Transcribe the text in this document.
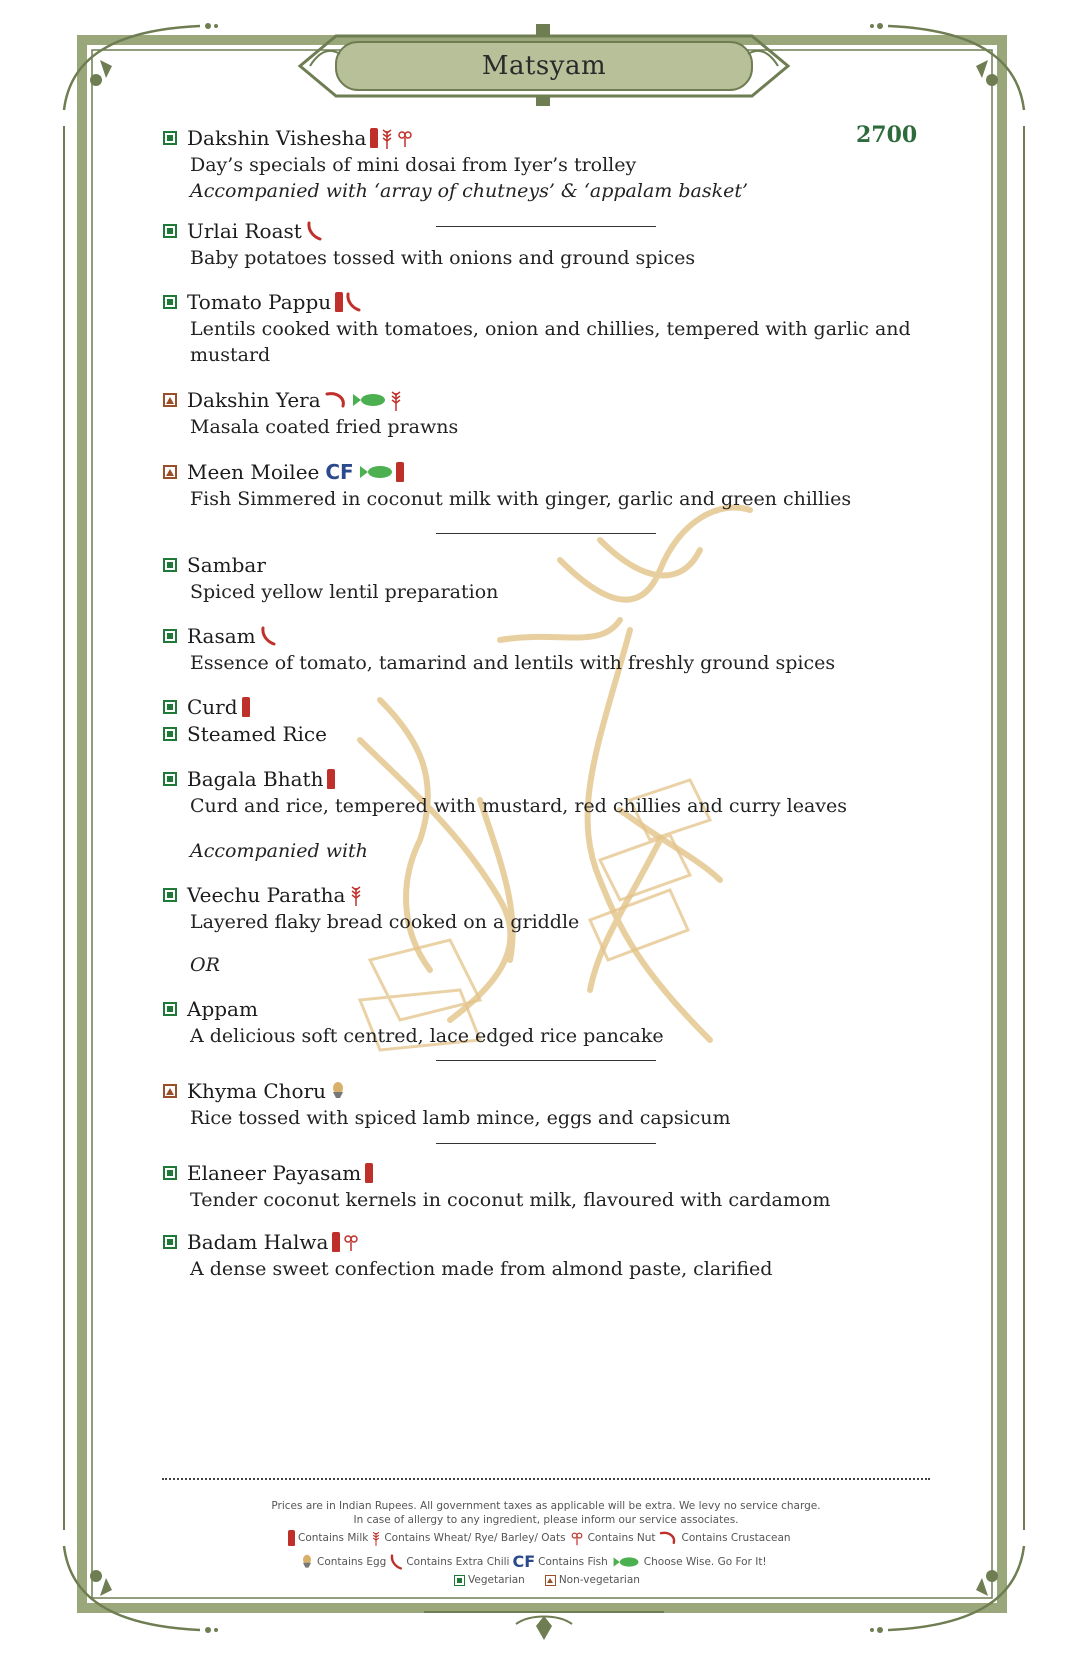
Matsyam
2700
Dakshin Vishesha
Day’s specials of mini dosai from Iyer’s trolley
Accompanied with ‘array of chutneys’ & ‘appalam basket’
Urlai Roast
Baby potatoes tossed with onions and ground spices
Tomato Pappu
Lentils cooked with tomatoes, onion and chillies, tempered with garlic and
mustard
Dakshin Yera
Masala coated fried prawns
Meen Moilee CF
Fish Simmered in coconut milk with ginger, garlic and green chillies
Sambar
Spiced yellow lentil preparation
Rasam
Essence of tomato, tamarind and lentils with freshly ground spices
Curd
Steamed Rice
Bagala Bhath
Curd and rice, tempered with mustard, red chillies and curry leaves
Accompanied with
Veechu Paratha
Layered flaky bread cooked on a griddle
OR
Appam
A delicious soft centred, lace edged rice pancake
Khyma Choru
Rice tossed with spiced lamb mince, eggs and capsicum
Elaneer Payasam
Tender coconut kernels in coconut milk, flavoured with cardamom
Badam Halwa
A dense sweet confection made from almond paste, clarified
Prices are in Indian Rupees. All government taxes as applicable will be extra. We levy no service charge.
In case of allergy to any ingredient, please inform our service associates.
Contains Milk Contains Wheat/ Rye/ Barley/ Oats Contains Nut Contains Crustacean
Contains Egg Contains Extra Chili CF Contains Fish	Choose Wise. Go For It!
Vegetarian	Non-vegetarian
